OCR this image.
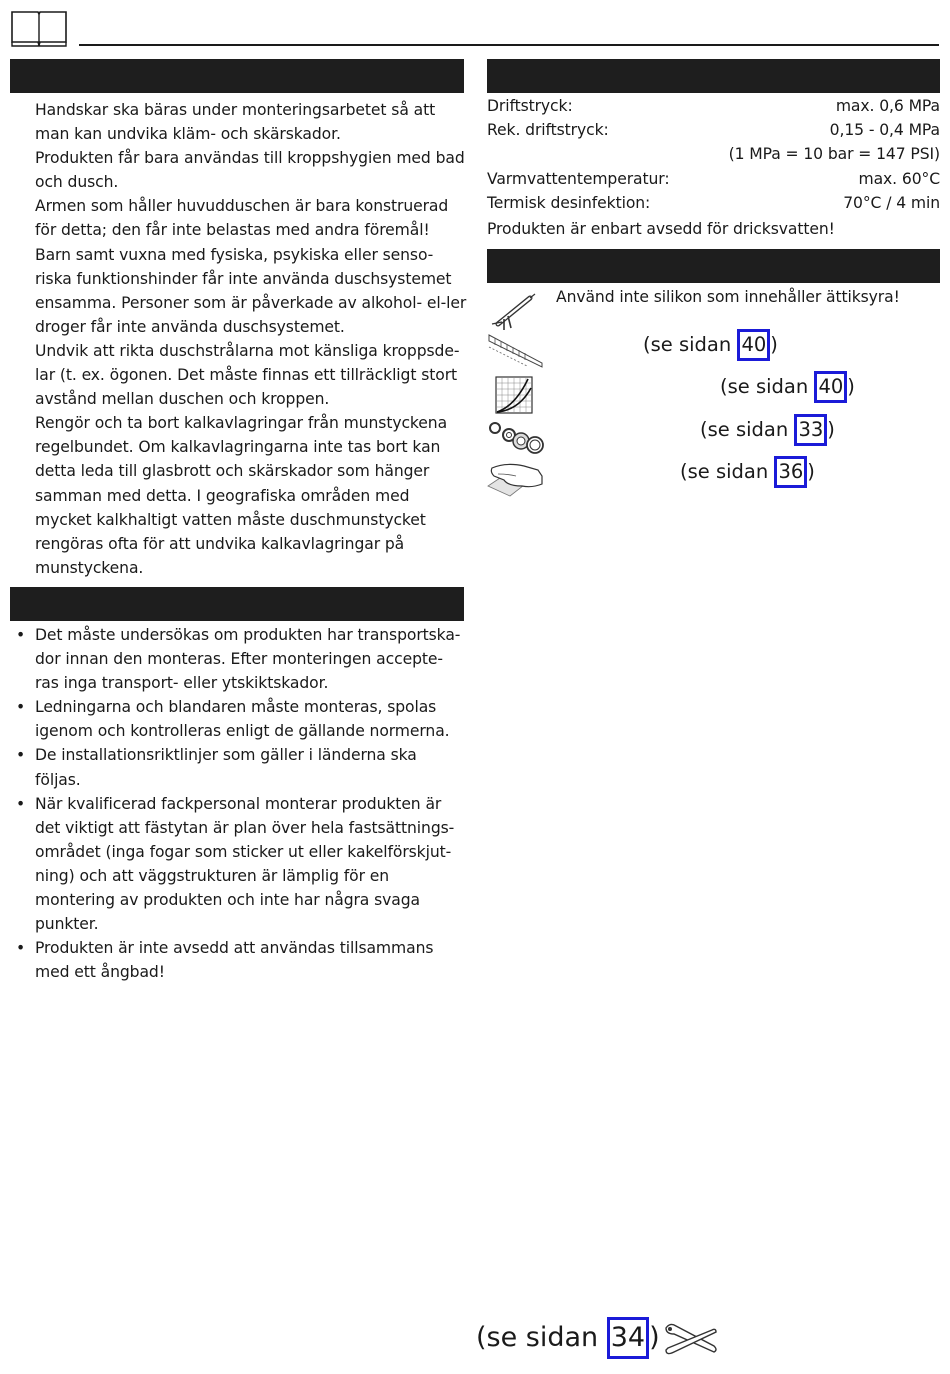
Handskar ska bäras under monteringsarbetet så att man kan undvika kläm- och skärskador.

Produkten får bara användas till kroppshygien med bad och dusch.

Armen som håller huvudduschen är bara konstruerad för detta; den får inte belastas med andra föremål!

Barn samt vuxna med fysiska, psykiska eller senso-riska funktionshinder får inte använda duschsystemet ensamma. Personer som är påverkade av alkohol- el-ler droger får inte använda duschsystemet.

Undvik att rikta duschstrålarna mot känsliga kroppsde-lar (t. ex. ögonen. Det måste finnas ett tillräckligt stort avstånd mellan duschen och kroppen.

Rengör och ta bort kalkavlagringar från munstyckena regelbundet. Om kalkavlagringarna inte tas bort kan detta leda till glasbrott och skärskador som hänger samman med detta. I geografiska områden med mycket kalkhaltigt vatten måste duschmunstycket rengöras ofta för att undvika kalkavlagringar på munstyckena.

• Det måste undersökas om produkten har transportska-dor innan den monteras. Efter monteringen accepte-ras inga transport- eller ytskiktskador.
• Ledningarna och blandaren måste monteras, spolas igenom och kontrolleras enligt de gällande normerna.
• De installationsriktlinjer som gäller i länderna ska följas.
• När kvalificerad fackpersonal monterar produkten är det viktigt att fästytan är plan över hela fastsättnings-området (inga fogar som sticker ut eller kakelförskjut-ning) och att väggstrukturen är lämplig för en montering av produkten och inte har några svaga punkter.
• Produkten är inte avsedd att användas tillsammans med ett ångbad!
Driftstryck:	max. 0,6 MPa
Rek. driftstryck:	0,15 - 0,4 MPa
(1 MPa = 10 bar = 147 PSI)
Varmvattentemperatur:	max. 60°C
Termisk desinfektion:	70°C / 4 min
Produkten är enbart avsedd för dricksvatten!
Använd inte silikon som innehåller ättiksyra!
(se sidan 40 )
(se sidan 40 )
(se sidan 33 )
(se sidan 36 )
(se sidan 34 )
